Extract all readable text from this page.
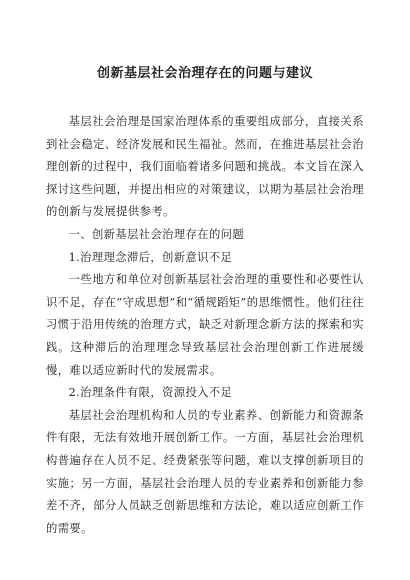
创新基层社会治理存在的问题与建议

基层社会治理是国家治理体系的重要组成部分，直接关系到社会稳定、经济发展和民生福祉。然而，在推进基层社会治理创新的过程中，我们面临着诸多问题和挑战。本文旨在深入探讨这些问题，并提出相应的对策建议，以期为基层社会治理的创新与发展提供参考。

一、创新基层社会治理存在的问题

1.治理理念滞后，创新意识不足

一些地方和单位对创新基层社会治理的重要性和必要性认识不足，存在“守成思想”和“循规蹈矩”的思维惯性。他们往往习惯于沿用传统的治理方式，缺乏对新理念新方法的探索和实践。这种滞后的治理理念导致基层社会治理创新工作进展缓慢，难以适应新时代的发展需求。

2.治理条件有限，资源投入不足

基层社会治理机构和人员的专业素养、创新能力和资源条件有限，无法有效地开展创新工作。一方面，基层社会治理机构普遍存在人员不足、经费紧张等问题，难以支撑创新项目的实施；另一方面，基层社会治理人员的专业素养和创新能力参差不齐，部分人员缺乏创新思维和方法论，难以适应创新工作的需要。
